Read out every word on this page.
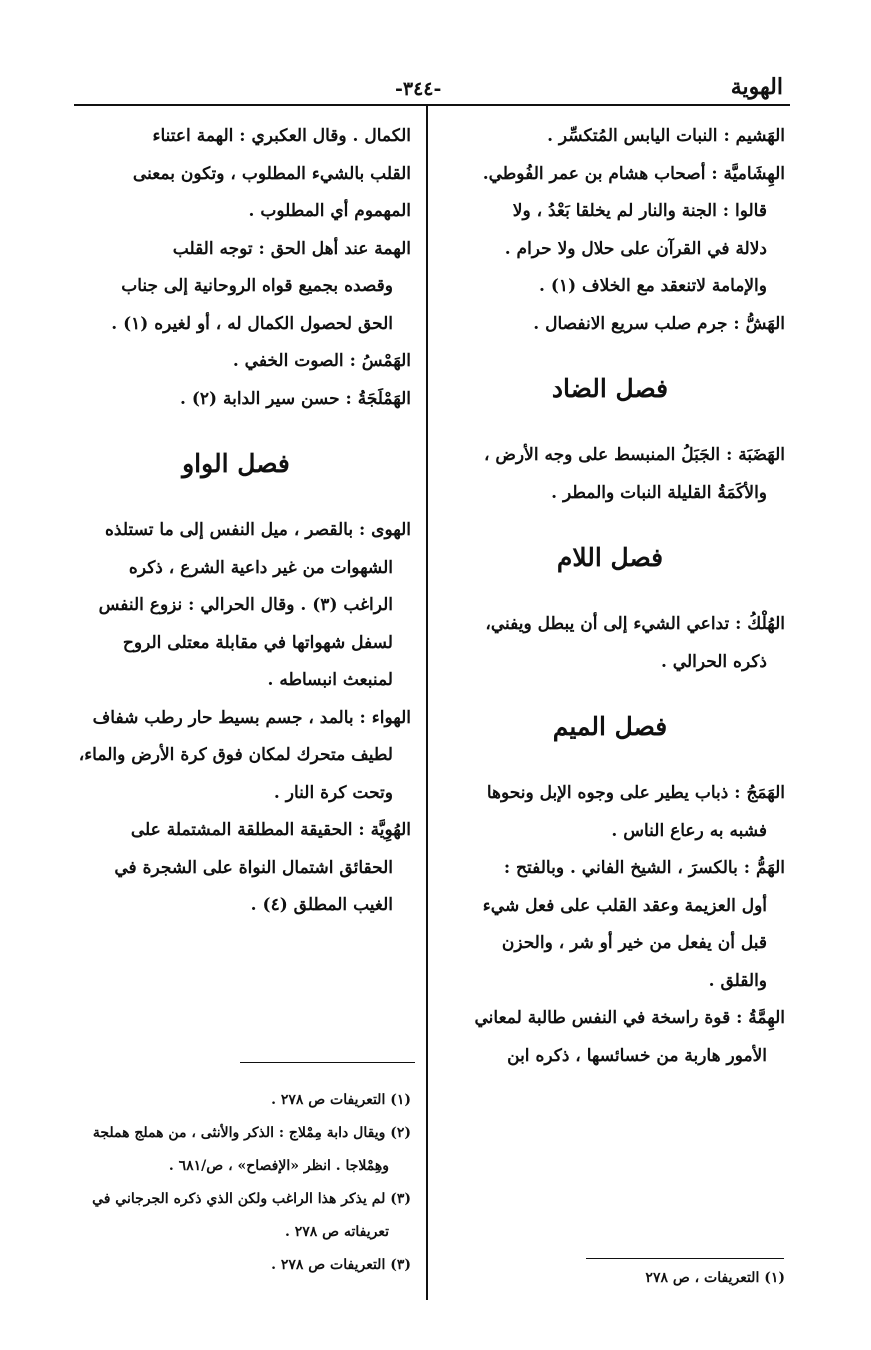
الهوية
-٣٤٤-

الهَشيم : النبات اليابس المُتكسِّر .

الهِشَاميَّة : أصحاب هشام بن عمر الفُوطي.

قالوا : الجنة والنار لم يخلقا بَعْدُ ، ولا

دلالة في القرآن على حلال ولا حرام .

والإمامة لاتنعقد مع الخلاف (١) .

الهَشُّ : جرم صلب سريع الانفصال .

فصل الضاد

الهَضَبَة : الجَبَلُ المنبسط على وجه الأرض ،

والأكَمَةُ القليلة النبات والمطر .

فصل اللام

الهُلْكُ : تداعي الشيء إلى أن يبطل ويفني،

ذكره الحرالي .

فصل الميم

الهَمَجُ : ذباب يطير على وجوه الإبل ونحوها

فشبه به رعاع الناس .

الهَمُّ : بالكسرَ ، الشيخ الفاني . وبالفتح :

أول العزيمة وعقد القلب على فعل شيء

قبل أن يفعل من خير أو شر ، والحزن

والقلق .

الهِمَّةُ : قوة راسخة في النفس طالبة لمعاني

الأمور هاربة من خسائسها ، ذكره ابن

الكمال . وقال العكبري : الهمة اعتناء

القلب بالشيء المطلوب ، وتكون بمعنى

المهموم أي المطلوب .

الهمة عند أهل الحق : توجه القلب

وقصده بجميع قواه الروحانية إلى جناب

الحق لحصول الكمال له ، أو لغيره (١) .

الهَمْسُ : الصوت الخفي .

الهَمْلَجَةُ : حسن سير الدابة (٢) .

فصل الواو

الهوى : بالقصر ، ميل النفس إلى ما تستلذه

الشهوات من غير داعية الشرع ، ذكره

الراغب (٣) . وقال الحرالي : نزوع النفس

لسفل شهواتها في مقابلة معتلى الروح

لمنبعث انبساطه .

الهواء : بالمد ، جسم بسيط حار رطب شفاف

لطيف متحرك لمكان فوق كرة الأرض والماء،

وتحت كرة النار .

الهُوِيَّة : الحقيقة المطلقة المشتملة على

الحقائق اشتمال النواة على الشجرة في

الغيب المطلق (٤) .

(١) التعريفات ص ٢٧٨ .

(٢) ويقال دابة مِمْلاج : الذكر والأنثى ، من هملج هملجة

وهِمْلاجا . انظر «الإفصاح» ، ص/٦٨١ .

(٣) لم يذكر هذا الراغب ولكن الذي ذكره الجرجاني في

تعريفاته ص ٢٧٨ .

(٣) التعريفات ص ٢٧٨ .

(١) التعريفات ، ص ٢٧٨
